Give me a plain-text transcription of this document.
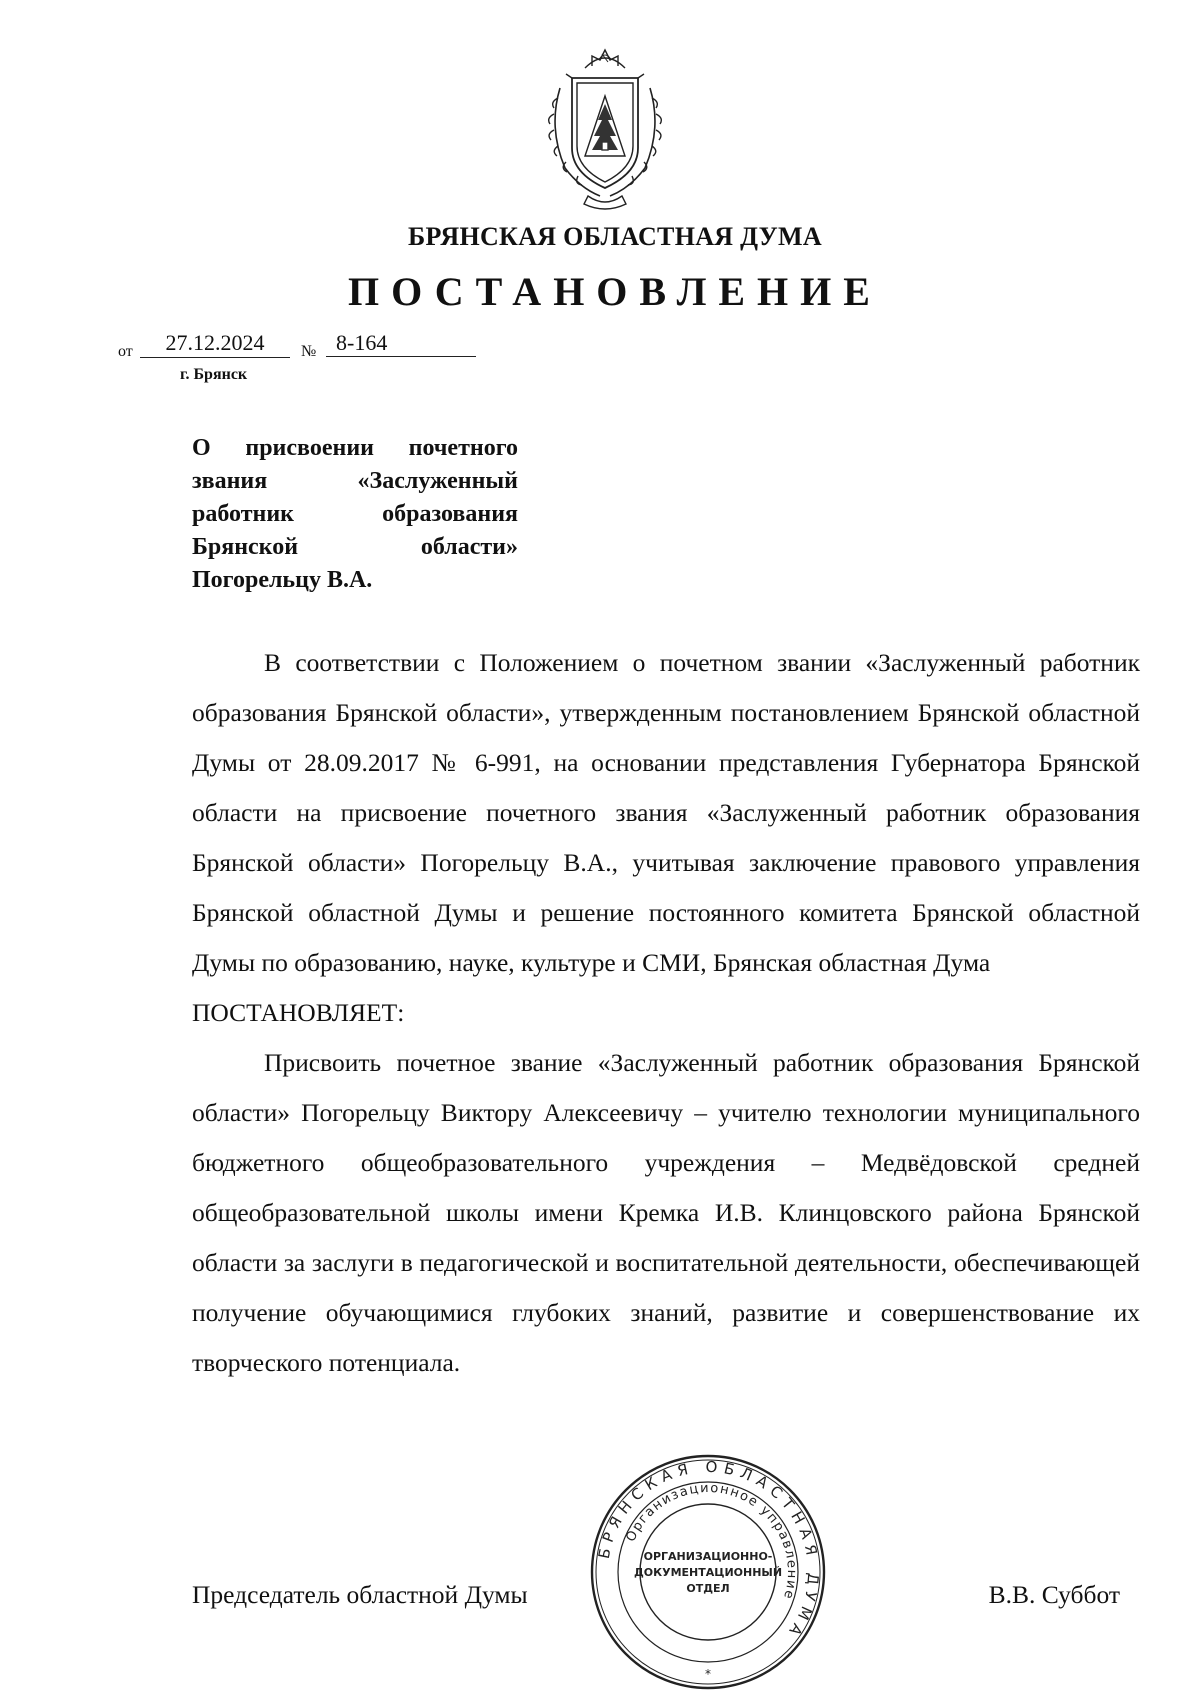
БРЯНСКАЯ ОБЛАСТНАЯ ДУМА
ПОСТАНОВЛЕНИЕ
от	27.12.2024	№ 8-164
г. Брянск
О присвоении почетного
звания «Заслуженный
работник образования
Брянской области»
Погорельцу В.А.

В соответствии с Положением о почетном звании «Заслуженный работник образования Брянской области», утвержденным постановлением Брянской областной Думы от 28.09.2017 № 6-991, на основании представления Губернатора Брянской области на присвоение почетного звания «Заслуженный работник образования Брянской области» Погорельцу В.А., учитывая заключение правового управления Брянской областной Думы и решение постоянного комитета Брянской областной Думы по образованию, науке, культуре и СМИ, Брянская областная Дума

ПОСТАНОВЛЯЕТ:

Присвоить почетное звание «Заслуженный работник образования Брянской области» Погорельцу Виктору Алексеевичу – учителю технологии муниципального бюджетного общеобразовательного учреждения – Медвёдовской средней общеобразовательной школы имени Кремка И.В. Клинцовского района Брянской области за заслуги в педагогической и воспитательной деятельности, обеспечивающей получение обучающимися глубоких знаний, развитие и совершенствование их творческого потенциала.

БРЯНСКАЯ ОБЛАСТНАЯ ДУМА
Организационное управление
ОРГАНИЗАЦИОННО-
ДОКУМЕНТАЦИОННЫЙ
ОТДЕЛ
*
Председатель областной Думы	В.В. Суббот
